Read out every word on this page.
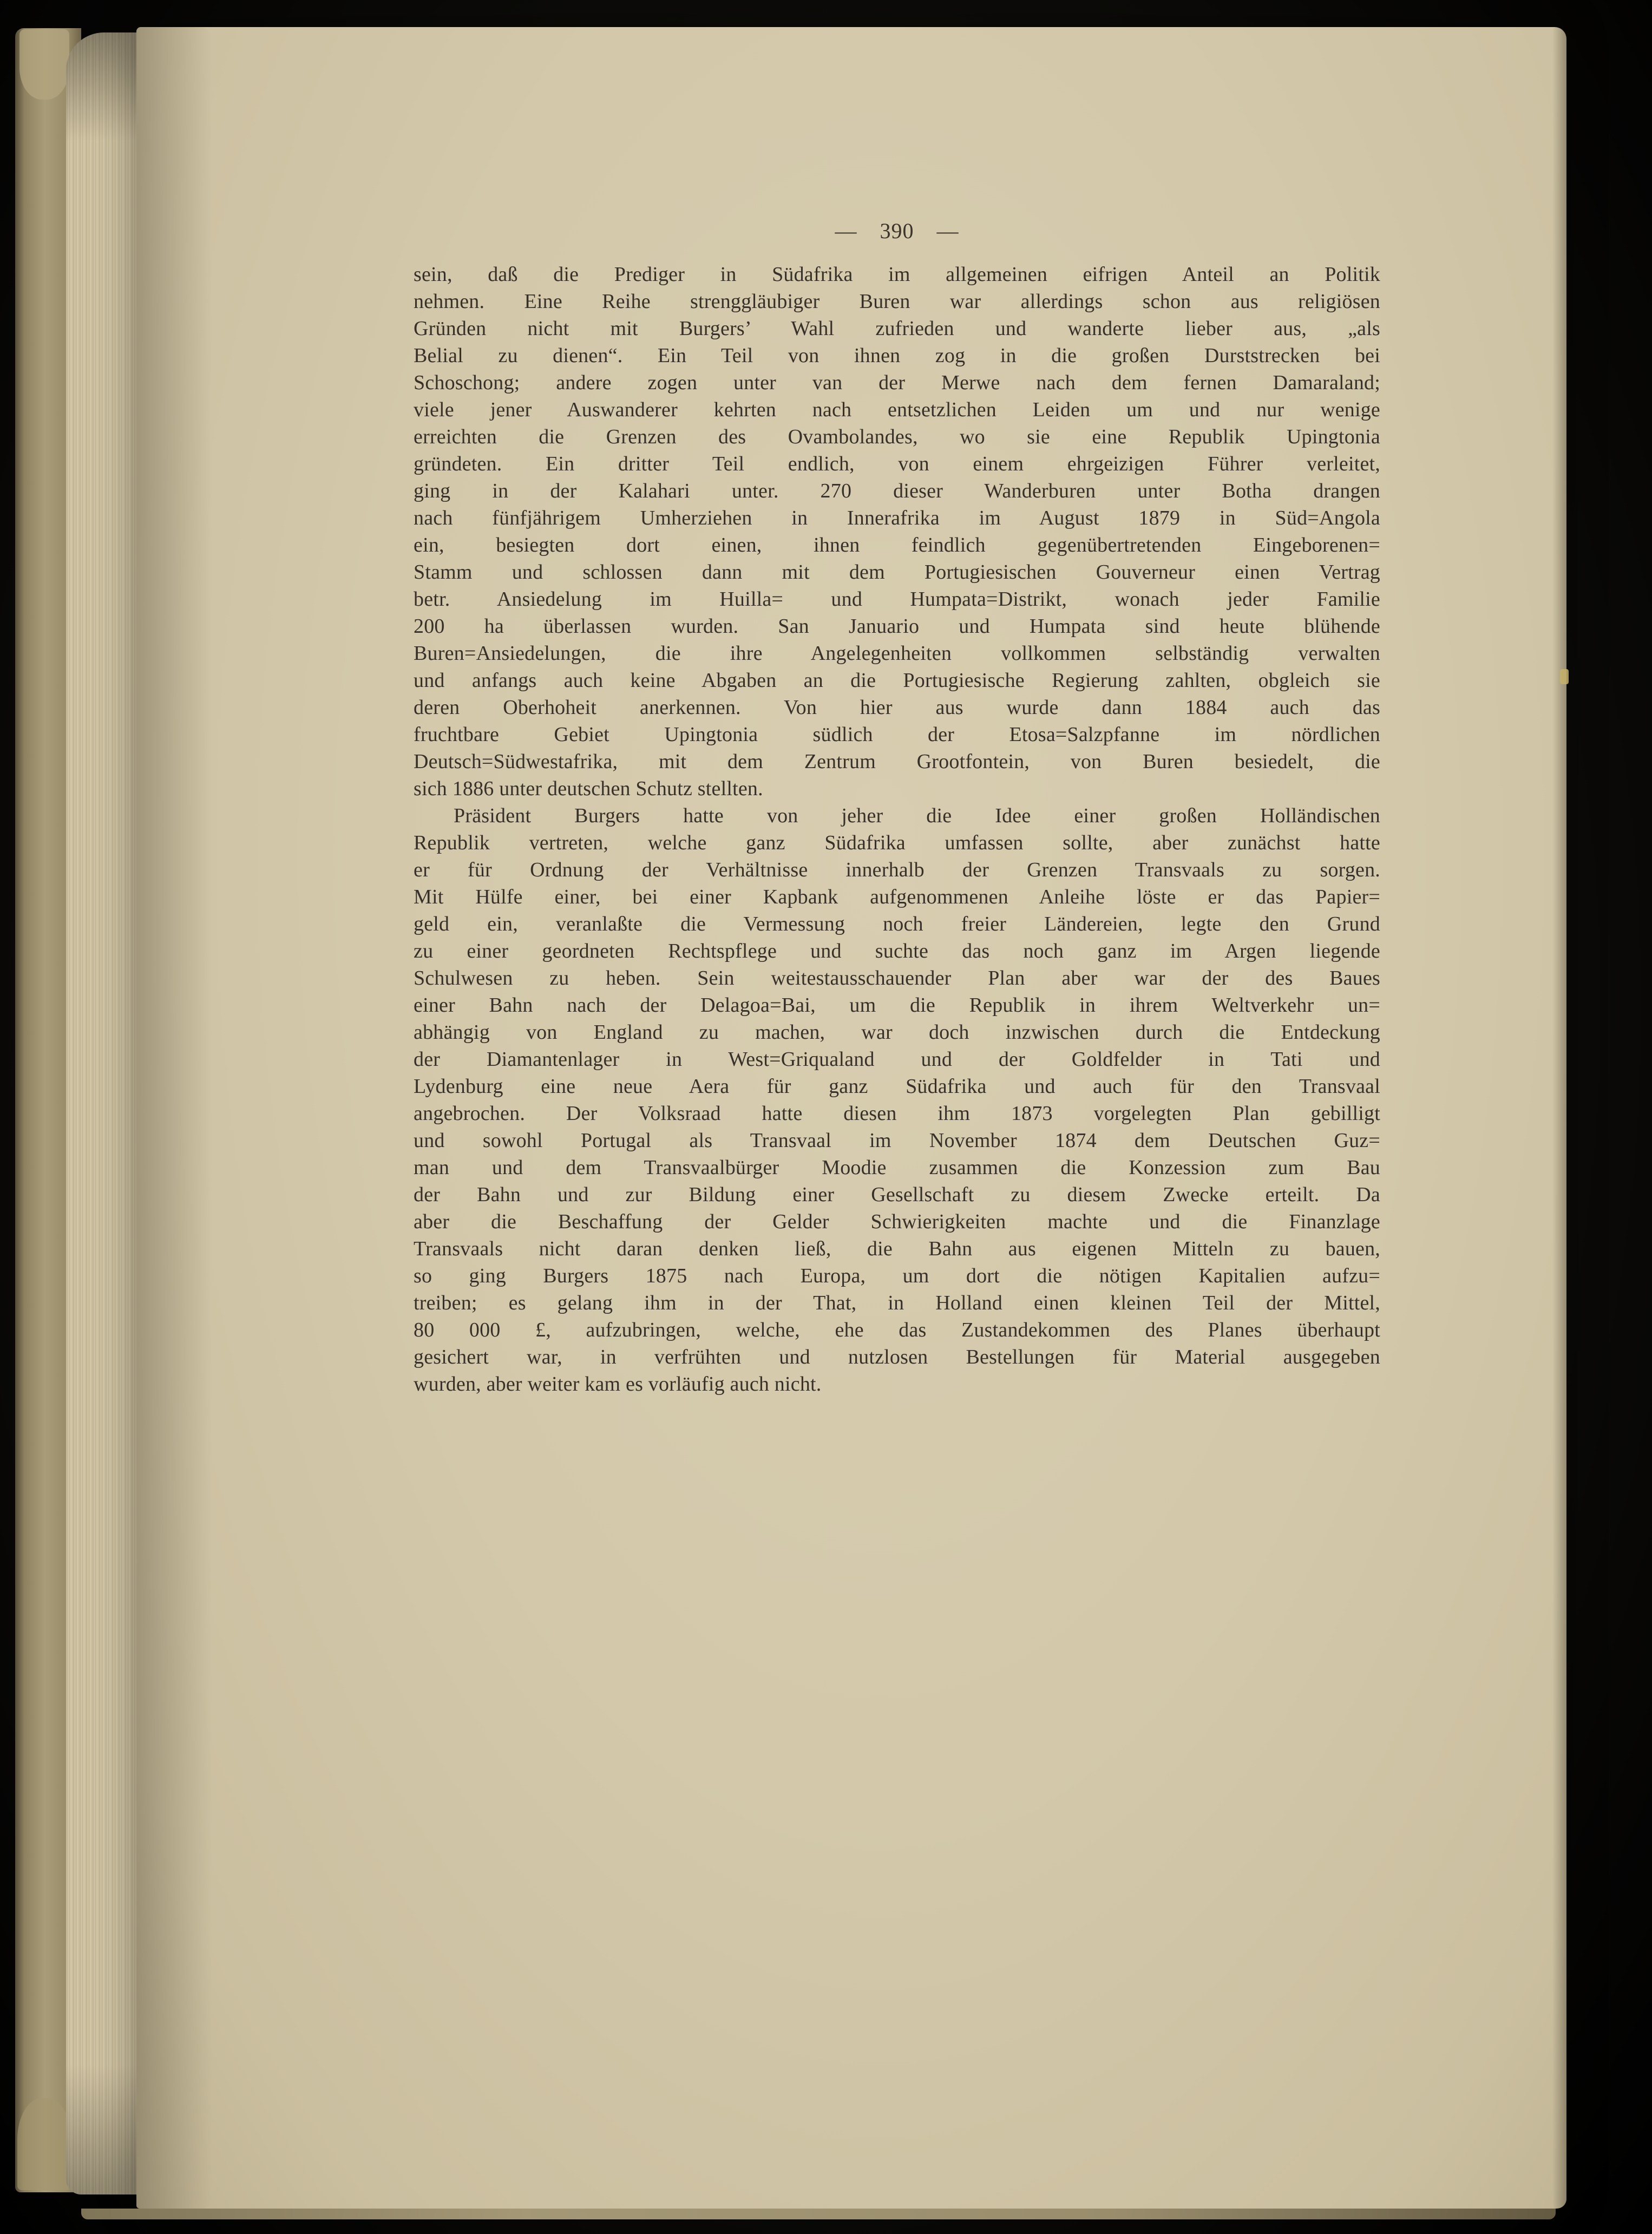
— 390 —
sein, daß die Prediger in Südafrika im allgemeinen eifrigen Anteil an Politik
nehmen. Eine Reihe strenggläubiger Buren war allerdings schon aus religiösen
Gründen nicht mit Burgers’ Wahl zufrieden und wanderte lieber aus, „als
Belial zu dienen“. Ein Teil von ihnen zog in die großen Durststrecken bei
Schoschong; andere zogen unter van der Merwe nach dem fernen Damaraland;
viele jener Auswanderer kehrten nach entsetzlichen Leiden um und nur wenige
erreichten die Grenzen des Ovambolandes, wo sie eine Republik Upingtonia
gründeten. Ein dritter Teil endlich, von einem ehrgeizigen Führer verleitet,
ging in der Kalahari unter. 270 dieser Wanderburen unter Botha drangen
nach fünfjährigem Umherziehen in Innerafrika im August 1879 in Süd=Angola
ein, besiegten dort einen, ihnen feindlich gegenübertretenden Eingeborenen=
Stamm und schlossen dann mit dem Portugiesischen Gouverneur einen Vertrag
betr. Ansiedelung im Huilla= und Humpata=Distrikt, wonach jeder Familie
200 ha überlassen wurden. San Januario und Humpata sind heute blühende
Buren=Ansiedelungen, die ihre Angelegenheiten vollkommen selbständig verwalten
und anfangs auch keine Abgaben an die Portugiesische Regierung zahlten, obgleich sie
deren Oberhoheit anerkennen. Von hier aus wurde dann 1884 auch das
fruchtbare Gebiet Upingtonia südlich der Etosa=Salzpfanne im nördlichen
Deutsch=Südwestafrika, mit dem Zentrum Grootfontein, von Buren besiedelt, die
sich 1886 unter deutschen Schutz stellten.
Präsident Burgers hatte von jeher die Idee einer großen Holländischen
Republik vertreten, welche ganz Südafrika umfassen sollte, aber zunächst hatte
er für Ordnung der Verhältnisse innerhalb der Grenzen Transvaals zu sorgen.
Mit Hülfe einer, bei einer Kapbank aufgenommenen Anleihe löste er das Papier=
geld ein, veranlaßte die Vermessung noch freier Ländereien, legte den Grund
zu einer geordneten Rechtspflege und suchte das noch ganz im Argen liegende
Schulwesen zu heben. Sein weitestausschauender Plan aber war der des Baues
einer Bahn nach der Delagoa=Bai, um die Republik in ihrem Weltverkehr un=
abhängig von England zu machen, war doch inzwischen durch die Entdeckung
der Diamantenlager in West=Griqualand und der Goldfelder in Tati und
Lydenburg eine neue Aera für ganz Südafrika und auch für den Transvaal
angebrochen. Der Volksraad hatte diesen ihm 1873 vorgelegten Plan gebilligt
und sowohl Portugal als Transvaal im November 1874 dem Deutschen Guz=
man und dem Transvaalbürger Moodie zusammen die Konzession zum Bau
der Bahn und zur Bildung einer Gesellschaft zu diesem Zwecke erteilt. Da
aber die Beschaffung der Gelder Schwierigkeiten machte und die Finanzlage
Transvaals nicht daran denken ließ, die Bahn aus eigenen Mitteln zu bauen,
so ging Burgers 1875 nach Europa, um dort die nötigen Kapitalien aufzu=
treiben; es gelang ihm in der That, in Holland einen kleinen Teil der Mittel,
80 000 £, aufzubringen, welche, ehe das Zustandekommen des Planes überhaupt
gesichert war, in verfrühten und nutzlosen Bestellungen für Material ausgegeben
wurden, aber weiter kam es vorläufig auch nicht.
